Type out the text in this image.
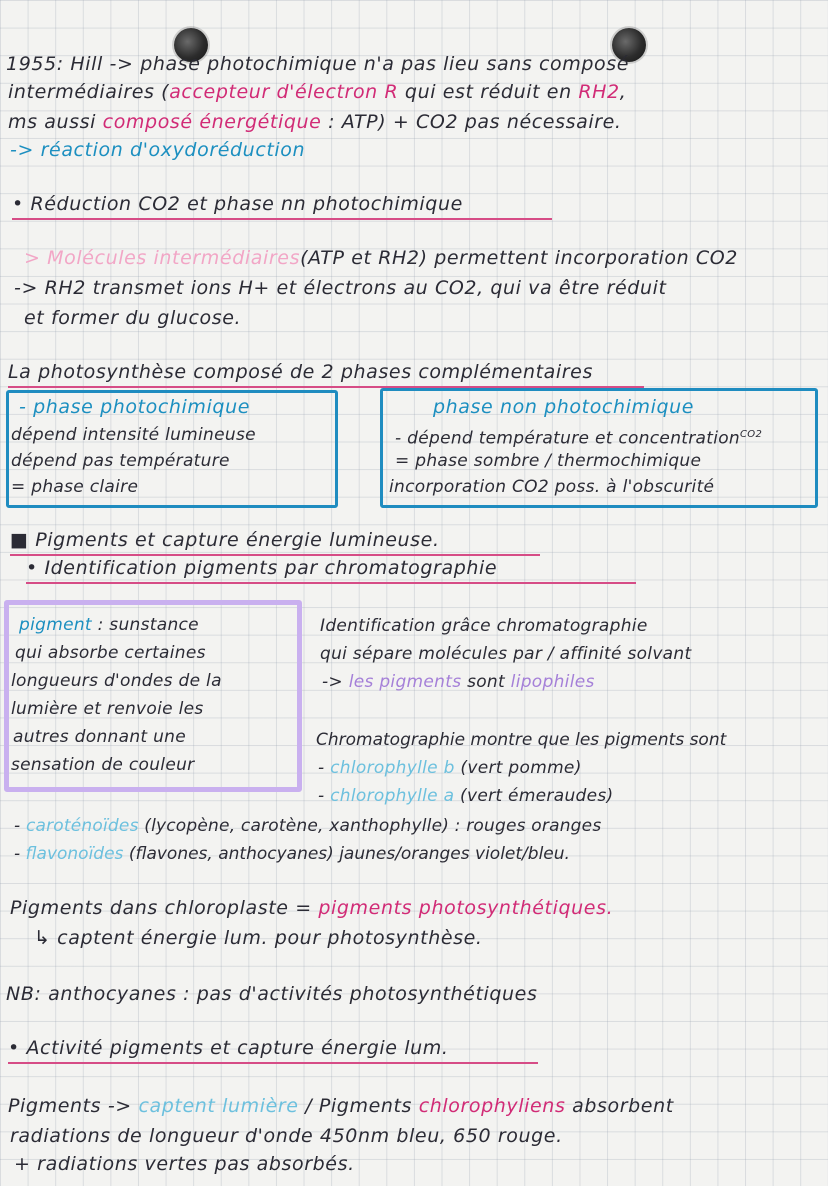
1955: Hill -> phase photochimique n'a pas lieu sans composé
intermédiaires (accepteur d'électron R qui est réduit en RH2,
ms aussi composé énergétique : ATP) + CO2 pas nécessaire.
-> réaction d'oxydoréduction
• Réduction CO2 et phase nn photochimique
> Molécules intermédiaires(ATP et RH2) permettent incorporation CO2
-> RH2 transmet ions H+ et électrons au CO2, qui va être réduit
et former du glucose.
La photosynthèse composé de 2 phases complémentaires
- phase photochimique
dépend intensité lumineuse
dépend pas température
= phase claire
phase non photochimique
- dépend température et concentration$^{CO2}$
= phase sombre / thermochimique
incorporation CO2 poss. à l'obscurité
■ Pigments et capture énergie lumineuse.
• Identification pigments par chromatographie
pigment : sunstance
qui absorbe certaines
longueurs d'ondes de la
lumière et renvoie les
autres donnant une
sensation de couleur
Identification grâce chromatographie
qui sépare molécules par / affinité solvant
-> les pigments sont lipophiles
Chromatographie montre que les pigments sont
- chlorophylle b (vert pomme)
- chlorophylle a (vert émeraudes)
- caroténoïdes (lycopène, carotène, xanthophylle) : rouges oranges
- flavonoïdes (flavones, anthocyanes) jaunes/oranges violet/bleu.
Pigments dans chloroplaste = pigments photosynthétiques.
↳ captent énergie lum. pour photosynthèse.
NB: anthocyanes : pas d'activités photosynthétiques
• Activité pigments et capture énergie lum.
Pigments -> captent lumière / Pigments chlorophyliens absorbent
radiations de longueur d'onde 450nm bleu, 650 rouge.
+ radiations vertes pas absorbés.
